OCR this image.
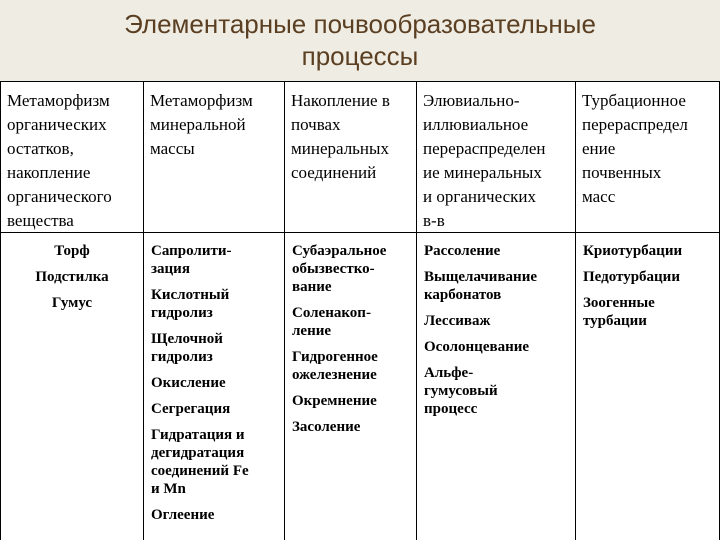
Элементарные почвообразовательные
процессы
Метаморфизм
органических
остатков,
накопление
органического
вещества
Метаморфизм
минеральной
массы
Накопление в
почвах
минеральных
соединений
Элювиально-
иллювиальное
перераспределен
ие минеральных
и органических
в-в
Турбационное
перераспредел
ение
почвенных
масс
Торф
Подстилка
Гумус
Сапролити-
зация
Кислотный
гидролиз
Щелочной
гидролиз
Окисление
Сегрегация
Гидратация и
дегидратация
соединений Fe
и Mn
Оглеение
Субаэральное
обызвестко-
вание
Соленакоп-
ление
Гидрогенное
ожелезнение
Окремнение
Засоление
Рассоление
Выщелачивание
карбонатов
Лессиваж
Осолонцевание
Альфе-
гумусовый
процесс
Криотурбации
Педотурбации
Зоогенные
турбации
